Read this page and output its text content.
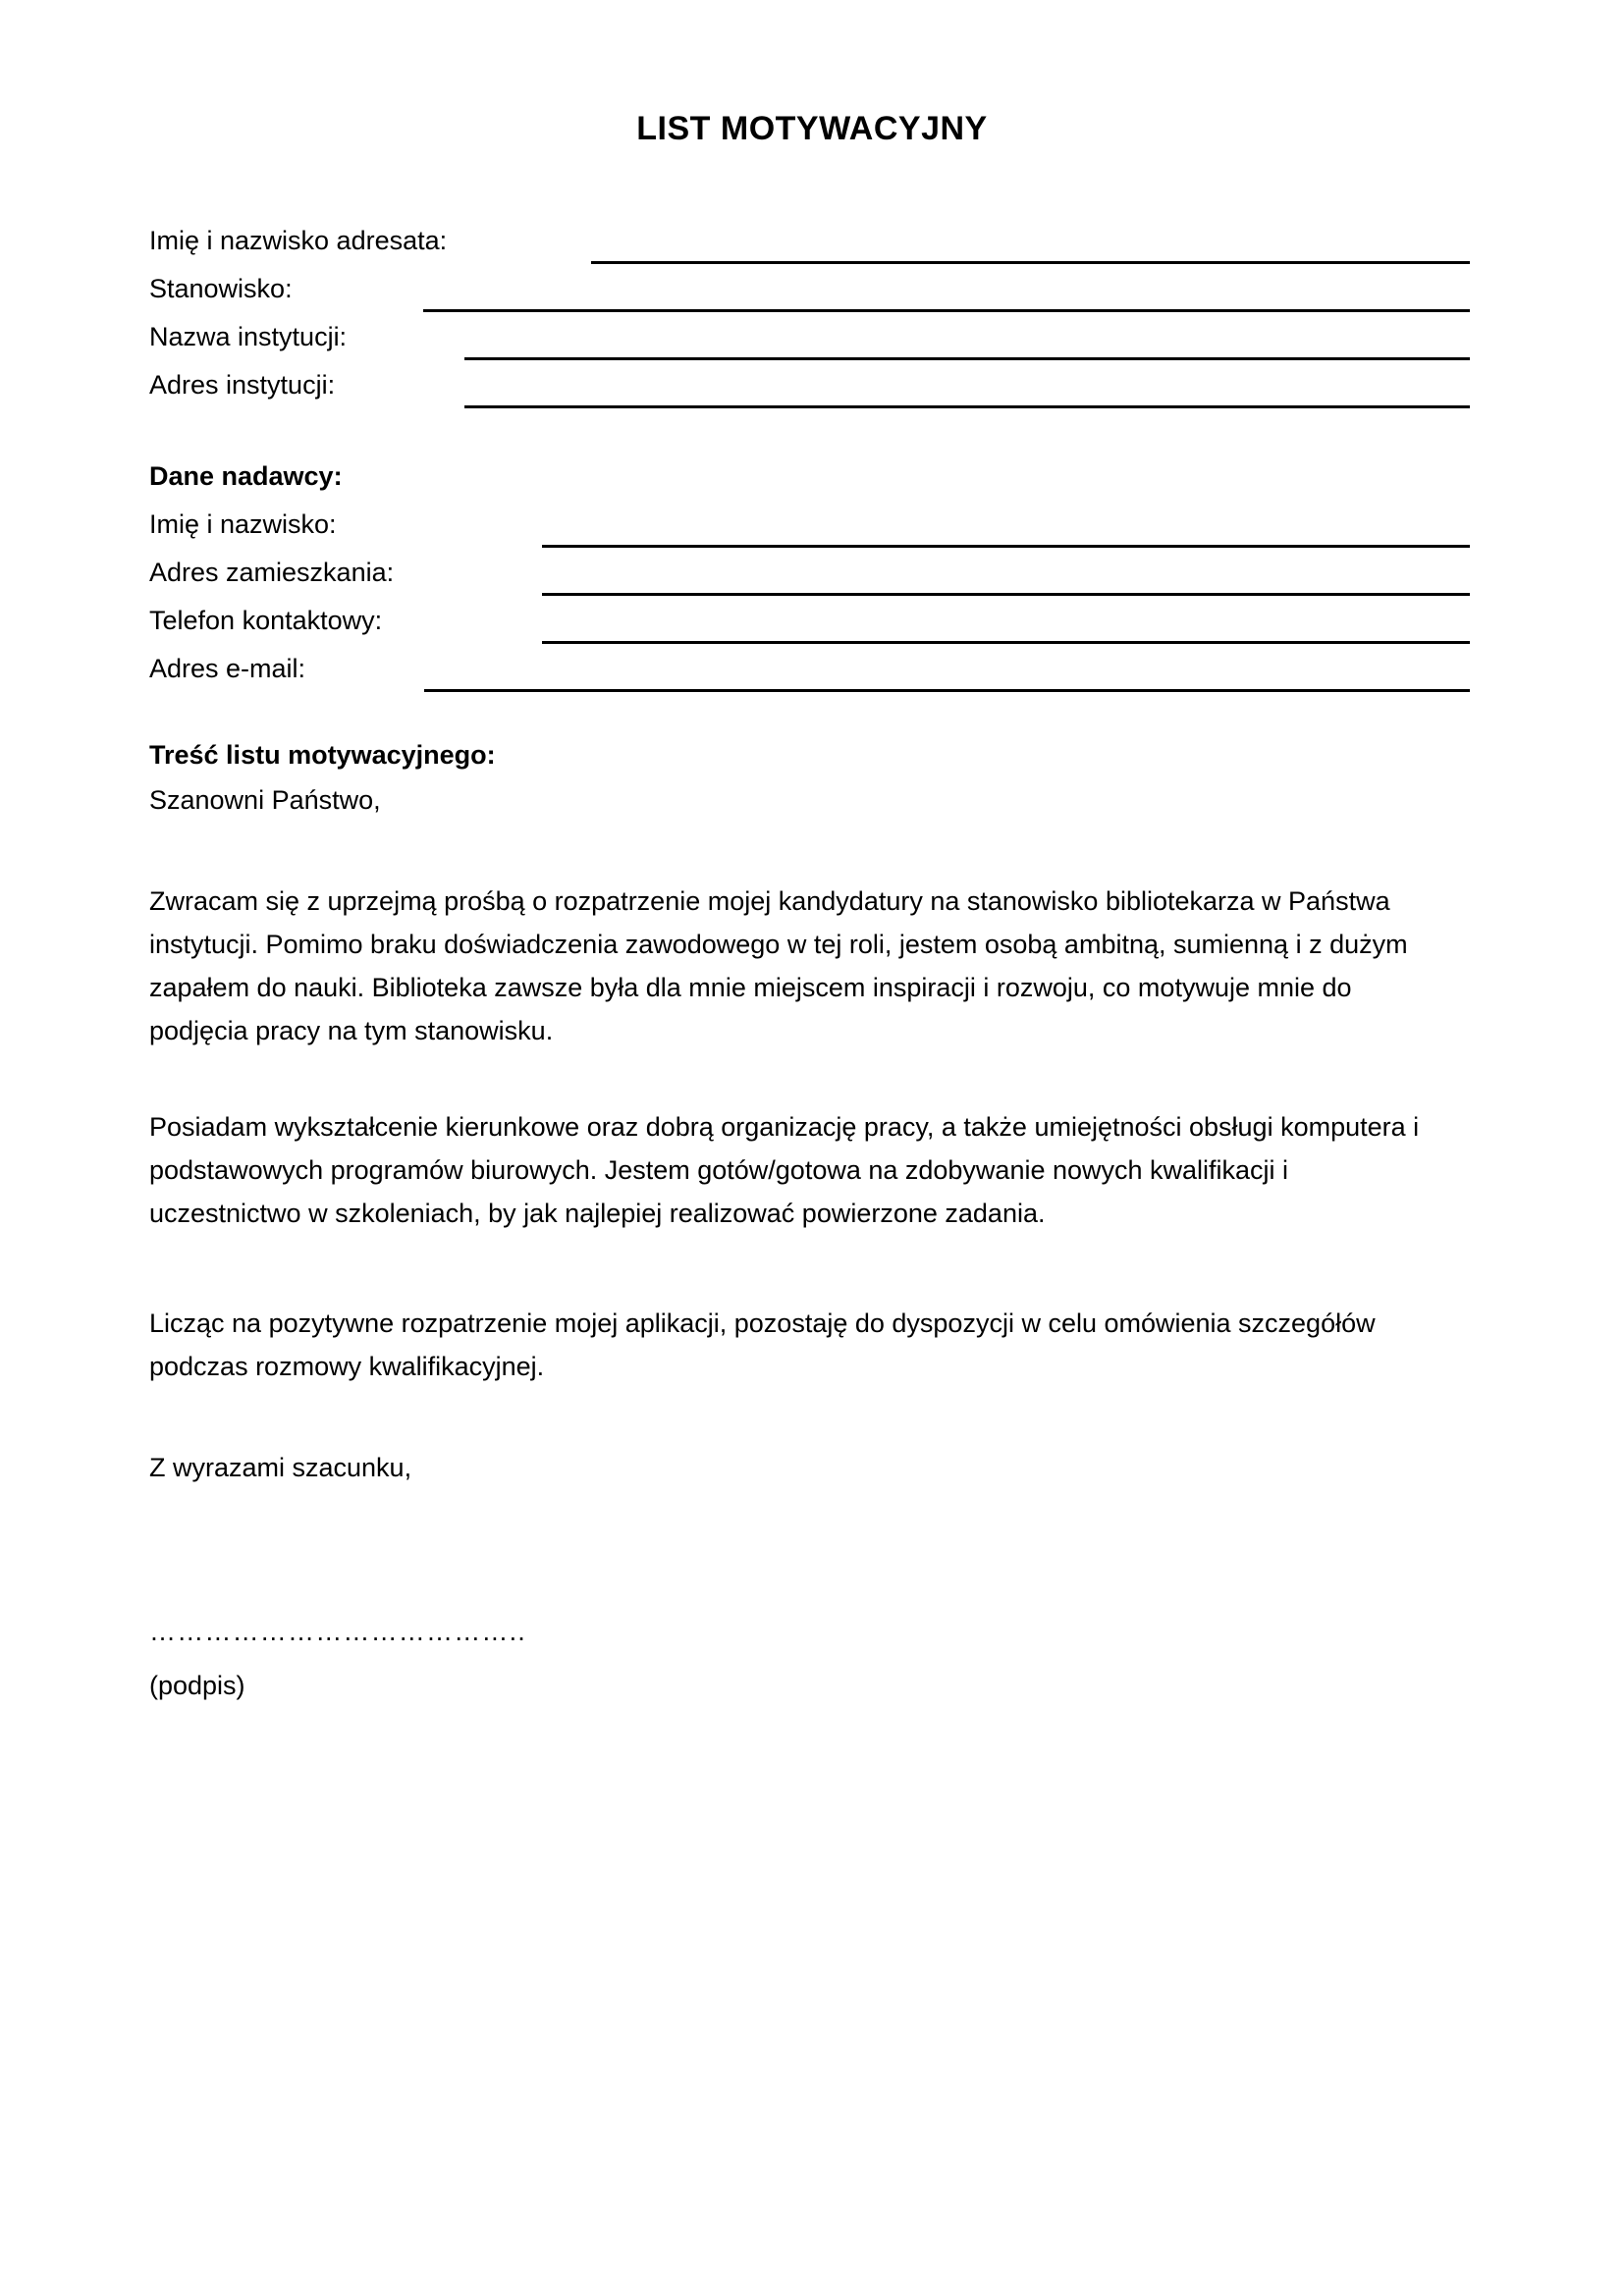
LIST MOTYWACYJNY
Imię i nazwisko adresata:
Stanowisko:
Nazwa instytucji:
Adres instytucji:
Dane nadawcy:
Imię i nazwisko:
Adres zamieszkania:
Telefon kontaktowy:
Adres e-mail:
Treść listu motywacyjnego:
Szanowni Państwo,
Zwracam się z uprzejmą prośbą o rozpatrzenie mojej kandydatury na stanowisko bibliotekarza w Państwa instytucji. Pomimo braku doświadczenia zawodowego w tej roli, jestem osobą ambitną, sumienną i z dużym zapałem do nauki. Biblioteka zawsze była dla mnie miejscem inspiracji i rozwoju, co motywuje mnie do podjęcia pracy na tym stanowisku.
Posiadam wykształcenie kierunkowe oraz dobrą organizację pracy, a także umiejętności obsługi komputera i podstawowych programów biurowych. Jestem gotów/gotowa na zdobywanie nowych kwalifikacji i uczestnictwo w szkoleniach, by jak najlepiej realizować powierzone zadania.
Licząc na pozytywne rozpatrzenie mojej aplikacji, pozostaję do dyspozycji w celu omówienia szczegółów podczas rozmowy kwalifikacyjnej.
Z wyrazami szacunku,
…………………………………..
(podpis)
